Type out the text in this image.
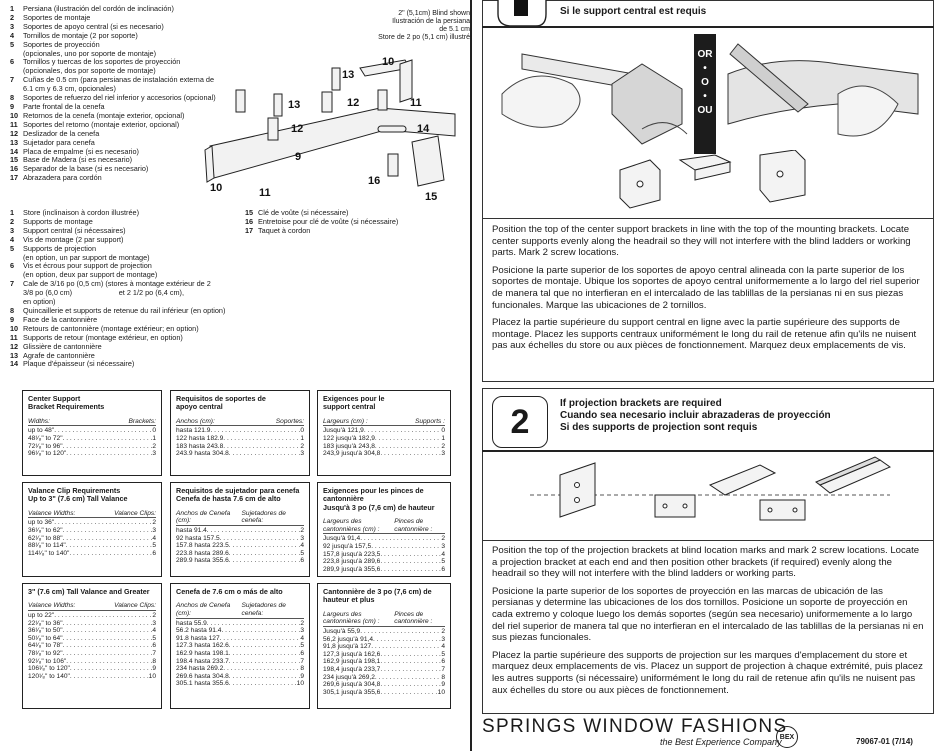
1	Persiana (ilustración del cordón de inclinación)
2	Soportes de montaje
3	Soportes de apoyo central (si es necesario)
4	Tornillos de montaje (2 por soporte)
5	Soportes de proyección
(opcionales, uno por soporte de montaje)
6	Tornillos y tuercas de los soportes de proyección
(opcionales, dos por soporte de montaje)
7	Cuñas de 0.5 cm (para persianas de instalación externa de
6.1 cm y 6.3 cm, opcionales)
8	Soportes de refuerzo del riel inferior y accesorios (opcional)
9	Parte frontal de la cenefa
10 Retornos de la cenefa (montaje exterior, opcional)
11 Soportes del retorno (montaje exterior, opcional)
12 Deslizador de la cenefa
13 Sujetador para cenefa
14 Placa de empalme (si es necesario)
15 Base de Madera (si es necesario)
16 Separador de la base (si es necesario)
17 Abrazadera para cordón
1	Store (inclinaison à cordon illustrée)
2	Supports de montage
3	Support central (si nécessaires)
4	Vis de montage (2 par support)
5	Supports de projection
(en option, un par support de montage)
6	Vis et écrous pour support de projection
(en option, deux par support de montage)
7	Cale de 3/16 po (0,5 cm) (stores à montage extérieur de 2
3/8 po (6,0 cm)                       et 2 1/2 po (6,4 cm),
en option)
8	Quincaillerie et supports de retenue du rail inférieur (en option)
9	Face de la cantonnière
10 Retours de cantonnière (montage extérieur; en option)
11 Supports de retour (montage extérieur, en option)
12 Glissière de cantonnière
13 Agrafe de cantonnière
14 Plaque d'épaisseur (si nécessaire)
15 Clé de voûte (si nécessaire)
16 Entretoise pour clé de voûte (si nécessaire)
17 Taquet à cordon
2" (5,1cm) Blind shown
Ilustración de la persiana
de 5.1 cm
Store de 2 po (5,1 cm) illustré
10
13
12	11
13
12	14
9
10
16
15
11
Center Support
Bracket Requirements
Widths:	Brackets:
up to 48" . . .	0
48¹⁄₈" to 72" . . .	1
72¹⁄₈" to 96" . . .	2
96¹⁄₈" to 120" . . .	3
Requisitos de soportes de
apoyo central
Anchos (cm):	Soportes:
hasta 121.9 . . .	0
122 hasta 182.9 . . .	1
183 hasta 243.8 . . .	2
243.9 hasta 304.8 . . .	3
Exigences pour le
support central
Largeurs (cm) :	Supports :
Jusqu'à 121,9 . . .	0
122 jusqu'à 182,9 . . .	1
183 jusqu'à 243,8 . . .	2
243,9 jusqu'à 304,8 . . .	3
Valance Clip Requirements
Up to 3" (7.6 cm) Tall Valance
Valance Widths:	Valance Clips:
up to 36" . . .	2
36¹⁄₈" to 62" . . .	3
62¹⁄₈" to 88" . . .	4
88¹⁄₈" to 114" . . .	5
114¹⁄₈" to 140" . . .	6
Requisitos de sujetador para cenefa
Cenefa de hasta 7.6 cm de alto
Anchos de Cenefa (cm):
Sujetadores de cenefa:
hasta 91.4 . . .	2
92 hasta 157.5 . . .	3
157.8 hasta 223.5 . . .	4
223.8 hasta 289.6 . . .	5
289.9 hasta 355.6 . . .	6
Exigences pour les pinces de cantonnière
Jusqu'à 3 po (7,6 cm) de hauteur
Largeurs des cantonnières (cm) :
Pinces de cantonnière :
Jusqu'à 91,4 . . .	2
92 jusqu'à 157,5 . . .	3
157,8 jusqu'à 223,5 . . .	4
223,8 jusqu'à 289,6 . . .	5
289,9 jusqu'à 355,6 . . .	6
3" (7.6 cm) Tall Valance and Greater
Valance Widths:	Valance Clips:
up to 22" . . .	2
22¹⁄₈" to 36" . . .	3
36¹⁄₈" to 50" . . .	4
50¹⁄₈" to 64" . . .	5
64¹⁄₈" to 78" . . .	6
78¹⁄₈" to 92" . . .	7
92¹⁄₈" to 106" . . .	8
106¹⁄₈" to 120" . . .	9
120¹⁄₈" to 140" . . .	10
Cenefa de 7.6 cm o más de alto
Anchos de Cenefa (cm):
Sujetadores de cenefa:
hasta 55.9 . . .	2
56.2 hasta 91.4 . . .	3
91.8 hasta 127 . . .	4
127.3 hasta 162.6 . . .	5
162.9 hasta 198.1 . . .	6
198.4 hasta 233.7 . . .	7
234 hasta 269.2 . . .	8
269.6 hasta 304.8 . . .	9
305.1 hasta 355.6 . . .	10
Cantonnière de 3 po (7,6 cm) de
hauteur et plus
Largeurs des cantonnières (cm) :
Pinces de cantonnière :
Jusqu'à 55,9 . . .	2
56,2 jusqu'à 91,4 . . .	3
91,8 jusqu'à 127 . . .	4
127,3 jusqu'à 162,6 . . .	5
162,9 jusqu'à 198,1 . . .	6
198,4 jusqu'à 233,7 . . .	7
234 jusqu'à 269,2 . . .	8
269,6 jusqu'à 304,8 . . .	9
305,1 jusqu'à 355,6 . . .	10
Si le support central est requis
OR
•
O
•
OU

Position the top of the center support brackets in line with the top of the mounting brackets. Locate center supports evenly along the headrail so they will not interfere with the blind ladders or working parts. Mark 2 screw locations.

Posicione la parte superior de los soportes de apoyo central alineada con la parte superior de los soportes de montaje. Ubique los soportes de apoyo central uniformemente a lo largo del riel superior de manera tal que no interfieran en el intercalado de las tablillas de la persianas ni en sus piezas funcionales. Marque las ubicaciones de 2 tornillos.

Placez la partie supérieure du support central en ligne avec la partie supérieure des supports de montage. Placez les supports centraux uniformément le long du rail de retenue afin qu'ils ne nuisent pas aux échelles du store ou aux pièces de fonctionnement. Marquez deux emplacements de vis.

2	If projection brackets are required
Cuando sea necesario incluir abrazaderas de proyección
Si des supports de projection sont requis

Position the top of the projection brackets at blind location marks and mark 2 screw locations. Locate a projection bracket at each end and then position other brackets (if required) evenly along the headrail so they will not interfere with the blind ladders or working parts.

Posicione la parte superior de los soportes de proyección en las marcas de ubicación de las persianas y determine las ubicaciones de los dos tornillos. Posicione un soporte de proyección en cada extremo y coloque luego los demás soportes (según sea necesario) uniformemente a lo largo del riel superior de manera tal que no interfieran en el intercalado de las tablillas de la persianas ni en sus piezas funcionales.

Placez la partie supérieure des supports de projection sur les marques d'emplacement du store et marquez deux emplacements de vis. Placez un support de projection à chaque extrémité, puis placez les autres supports (si nécessaire) uniformément le long du rail de retenue afin qu'ils ne nuisent pas aux échelles du store ou aux pièces de fonctionnement.

SPRINGS WINDOW FASHIONS
the Best Experience Company
BEX	79067-01 (7/14)
